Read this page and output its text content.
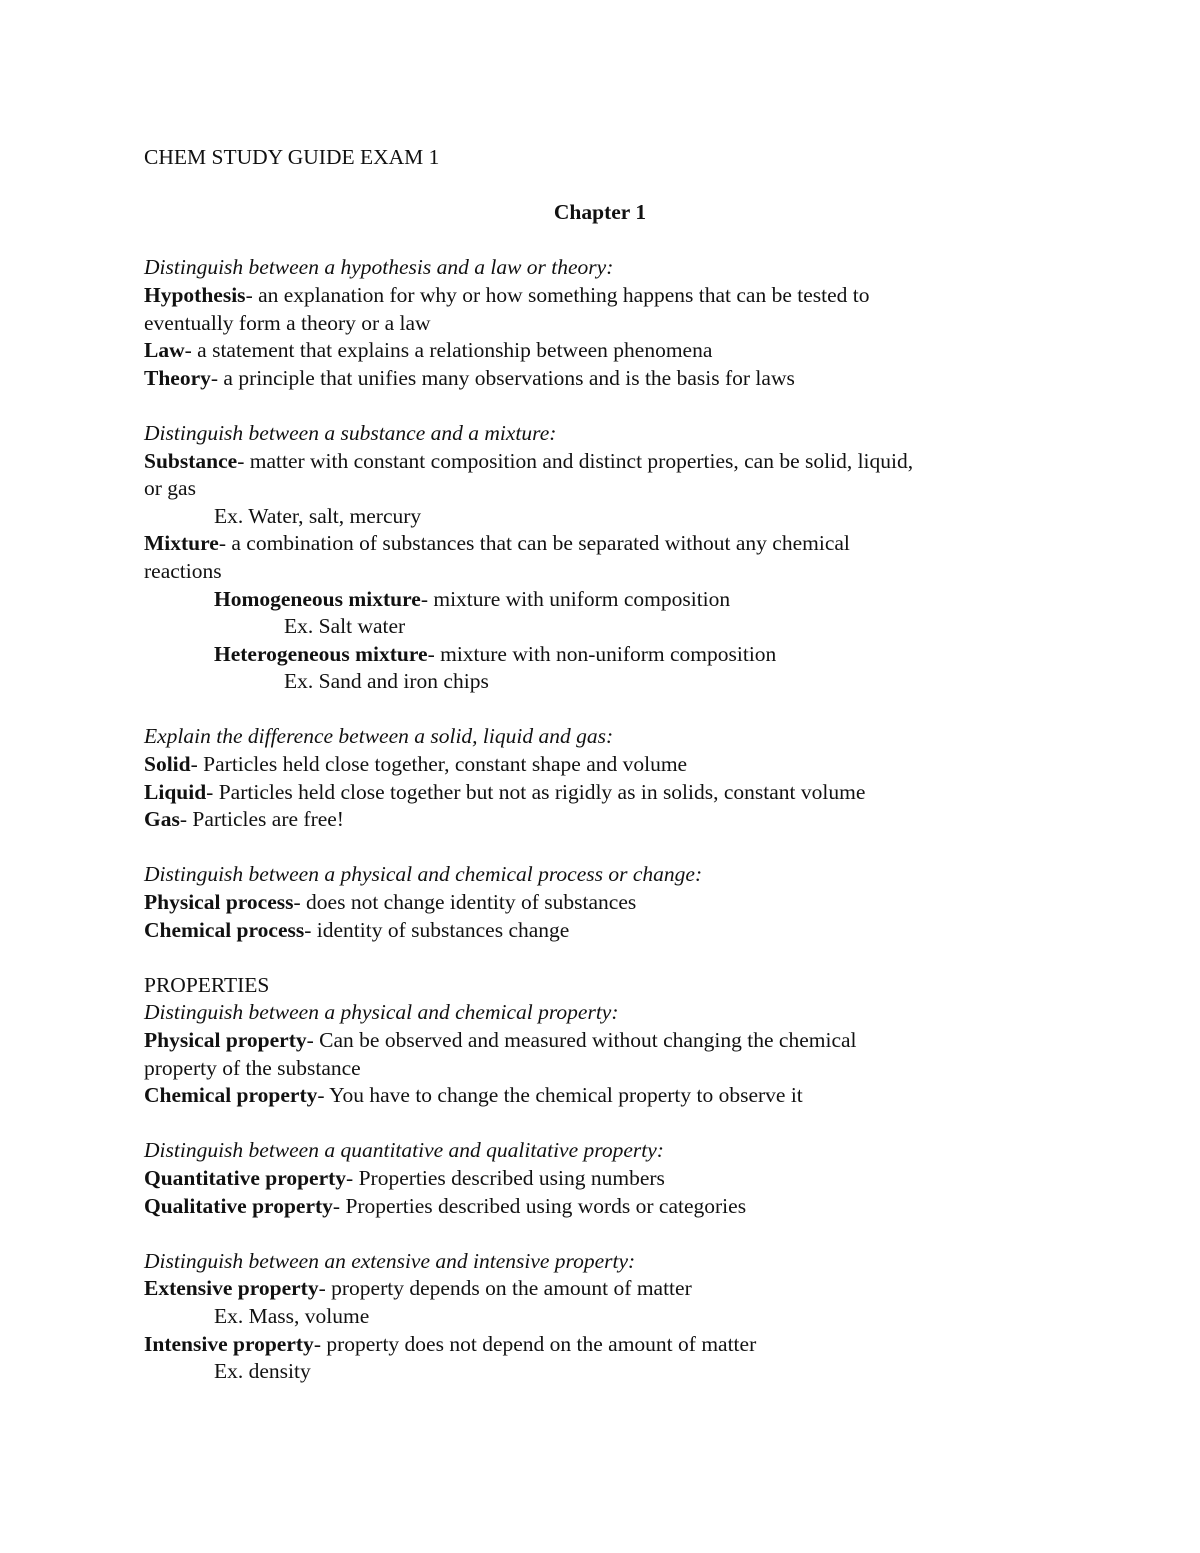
CHEM STUDY GUIDE EXAM 1
Chapter 1
Distinguish between a hypothesis and a law or theory:
Hypothesis- an explanation for why or how something happens that can be tested to
eventually form a theory or a law
Law- a statement that explains a relationship between phenomena
Theory- a principle that unifies many observations and is the basis for laws
Distinguish between a substance and a mixture:
Substance- matter with constant composition and distinct properties, can be solid, liquid,
or gas
Ex. Water, salt, mercury
Mixture- a combination of substances that can be separated without any chemical
reactions
Homogeneous mixture- mixture with uniform composition
Ex. Salt water
Heterogeneous mixture- mixture with non-uniform composition
Ex. Sand and iron chips
Explain the difference between a solid, liquid and gas:
Solid- Particles held close together, constant shape and volume
Liquid- Particles held close together but not as rigidly as in solids, constant volume
Gas- Particles are free!
Distinguish between a physical and chemical process or change:
Physical process- does not change identity of substances
Chemical process- identity of substances change
PROPERTIES
Distinguish between a physical and chemical property:
Physical property- Can be observed and measured without changing the chemical
property of the substance
Chemical property- You have to change the chemical property to observe it
Distinguish between a quantitative and qualitative property:
Quantitative property- Properties described using numbers
Qualitative property- Properties described using words or categories
Distinguish between an extensive and intensive property:
Extensive property- property depends on the amount of matter
Ex. Mass, volume
Intensive property- property does not depend on the amount of matter
Ex. density
